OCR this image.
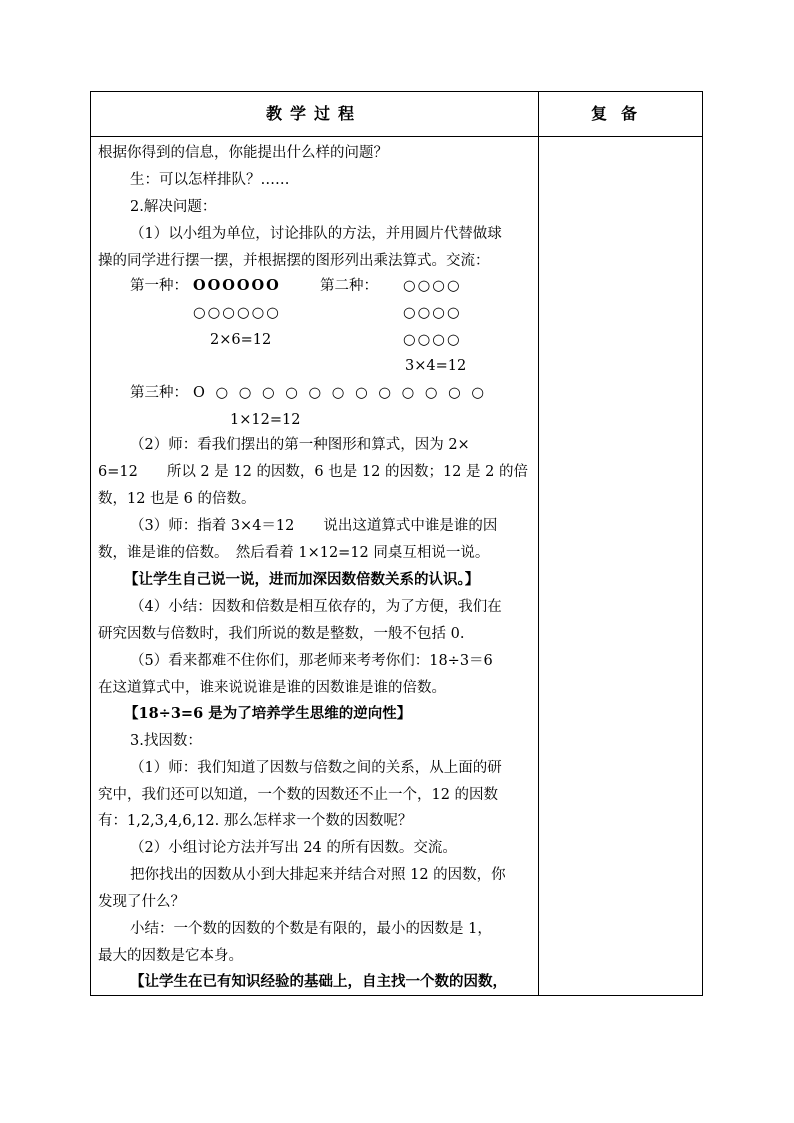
教学过程	复备
根据你得到的信息，你能提出什么样的问题？
生：可以怎样排队？……
2.解决问题：
（1）以小组为单位，讨论排队的方法，并用圆片代替做球
操的同学进行摆一摆，并根据摆的图形列出乘法算式。交流：
第一种： OOOOOO	第二种： ○○○○
○○○○○○	○○○○
2×6=12	○○○○
3×4=12
第三种： O ○ ○ ○ ○ ○ ○ ○ ○ ○ ○ ○ ○
1×12=12
（2）师：看我们摆出的第一种图形和算式，因为 2×
6=12　　所以 2 是 12 的因数，6 也是 12 的因数；12 是 2 的倍
数，12 也是 6 的倍数。
（3）师：指着 3×4＝12　　说出这道算式中谁是谁的因
数，谁是谁的倍数。　然后看着 1×12=12 同桌互相说一说。
【让学生自己说一说，进而加深因数倍数关系的认识。】
（4）小结：因数和倍数是相互依存的，为了方便，我们在
研究因数与倍数时，我们所说的数是整数，一般不包括 0.
（5）看来都难不住你们，那老师来考考你们：18÷3＝6
在这道算式中，谁来说说谁是谁的因数谁是谁的倍数。
【18÷3=6 是为了培养学生思维的逆向性】
3.找因数：
（1）师：我们知道了因数与倍数之间的关系，从上面的研
究中，我们还可以知道，一个数的因数还不止一个，12 的因数
有：1,2,3,4,6,12. 那么怎样求一个数的因数呢？
（2）小组讨论方法并写出 24 的所有因数。交流。
把你找出的因数从小到大排起来并结合对照 12 的因数，你
发现了什么？
小结：一个数的因数的个数是有限的，最小的因数是 1，
最大的因数是它本身。
【让学生在已有知识经验的基础上，自主找一个数的因数，
